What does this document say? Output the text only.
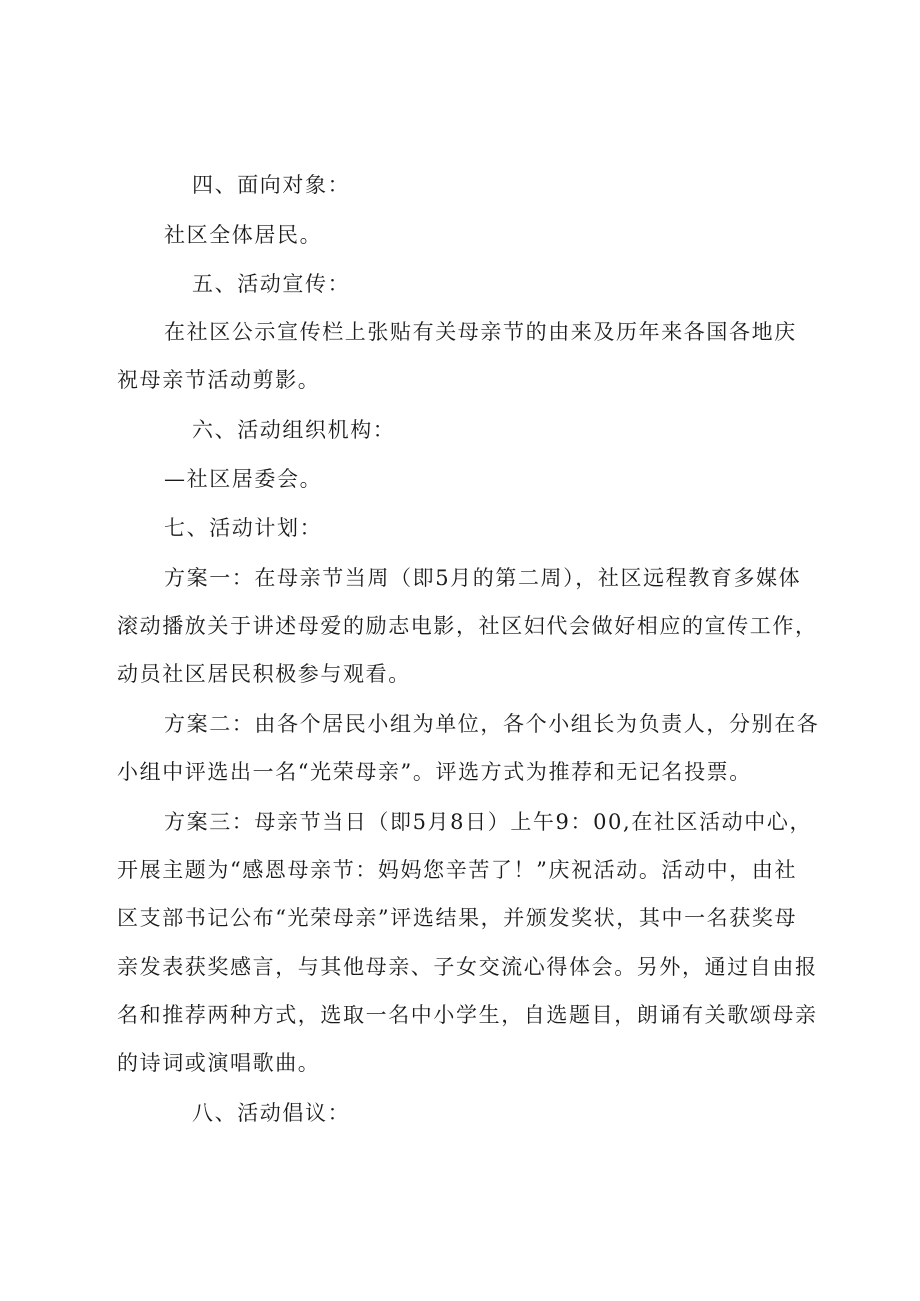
四、面向对象：
社区全体居民。
五、活动宣传：
在社区公示宣传栏上张贴有关母亲节的由来及历年来各国各地庆
祝母亲节活动剪影。
六、活动组织机构：
—社区居委会。
七、活动计划：
方案一：在母亲节当周（即5月的第二周），社区远程教育多媒体
滚动播放关于讲述母爱的励志电影，社区妇代会做好相应的宣传工作，
动员社区居民积极参与观看。
方案二：由各个居民小组为单位，各个小组长为负责人，分别在各
小组中评选出一名“光荣母亲”。评选方式为推荐和无记名投票。
方案三：母亲节当日（即5月8日）上午9：00,在社区活动中心，
开展主题为“感恩母亲节：妈妈您辛苦了！”庆祝活动。活动中，由社
区支部书记公布“光荣母亲”评选结果，并颁发奖状，其中一名获奖母
亲发表获奖感言，与其他母亲、子女交流心得体会。另外，通过自由报
名和推荐两种方式，选取一名中小学生，自选题目，朗诵有关歌颂母亲
的诗词或演唱歌曲。
八、活动倡议：
